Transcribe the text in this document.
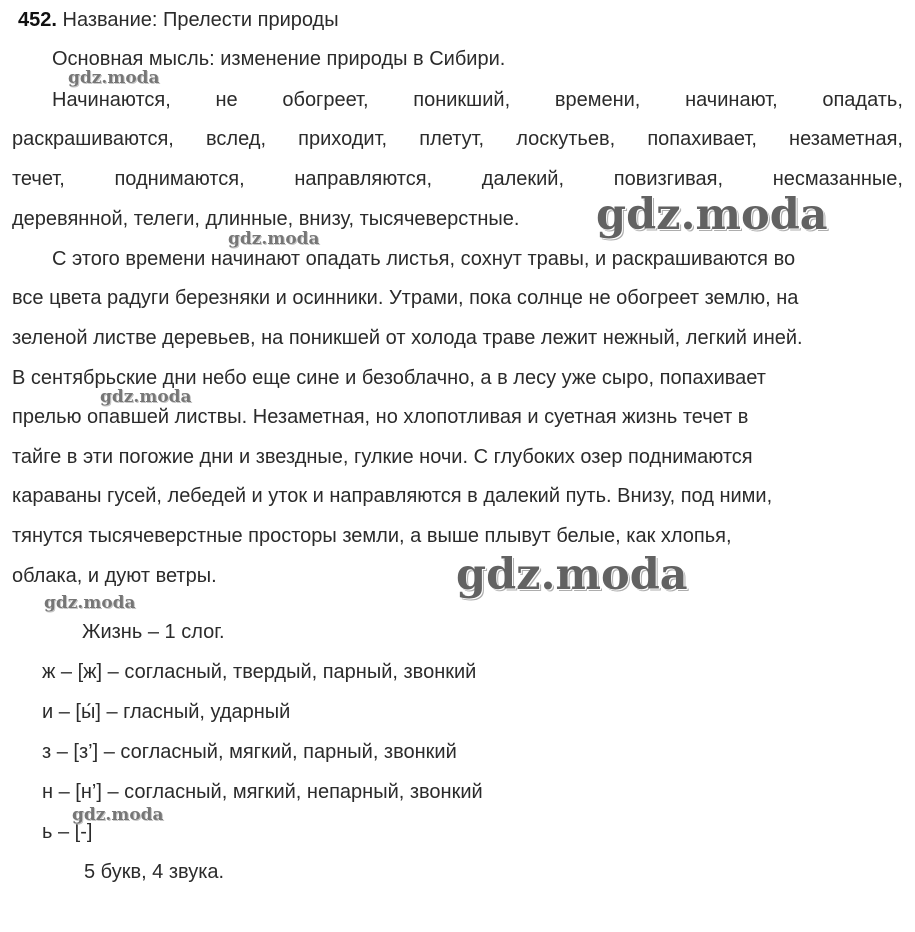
452. Название: Прелести природы
Основная мысль: изменение природы в Сибири.
Начинаются, не обогреет, поникший, времени, начинают, опадать,
раскрашиваются, вслед, приходит, плетут, лоскутьев, попахивает, незаметная,
течет, поднимаются, направляются, далекий, повизгивая, несмазанные,
деревянной, телеги, длинные, внизу, тысячеверстные.
С этого времени начинают опадать листья, сохнут травы, и раскрашиваются во
все цвета радуги березняки и осинники. Утрами, пока солнце не обогреет землю, на
зеленой листве деревьев, на поникшей от холода траве лежит нежный, легкий иней.
В сентябрьские дни небо еще сине и безоблачно, а в лесу уже сыро, попахивает
прелью опавшей листвы. Незаметная, но хлопотливая и суетная жизнь течет в
тайге в эти погожие дни и звездные, гулкие ночи. С глубоких озер поднимаются
караваны гусей, лебедей и уток и направляются в далекий путь. Внизу, под ними,
тянутся тысячеверстные просторы земли, а выше плывут белые, как хлопья,
облака, и дуют ветры.
Жизнь – 1 слог.
ж – [ж] – согласный, твердый, парный, звонкий
и – [ы́] – гласный, ударный
з – [з’] – согласный, мягкий, парный, звонкий
н – [н’] – согласный, мягкий, непарный, звонкий
ь – [-]
5 букв, 4 звука.
gdz.moda
gdz.moda
gdz.moda
gdz.moda
gdz.moda
gdz.moda
gdz.moda
